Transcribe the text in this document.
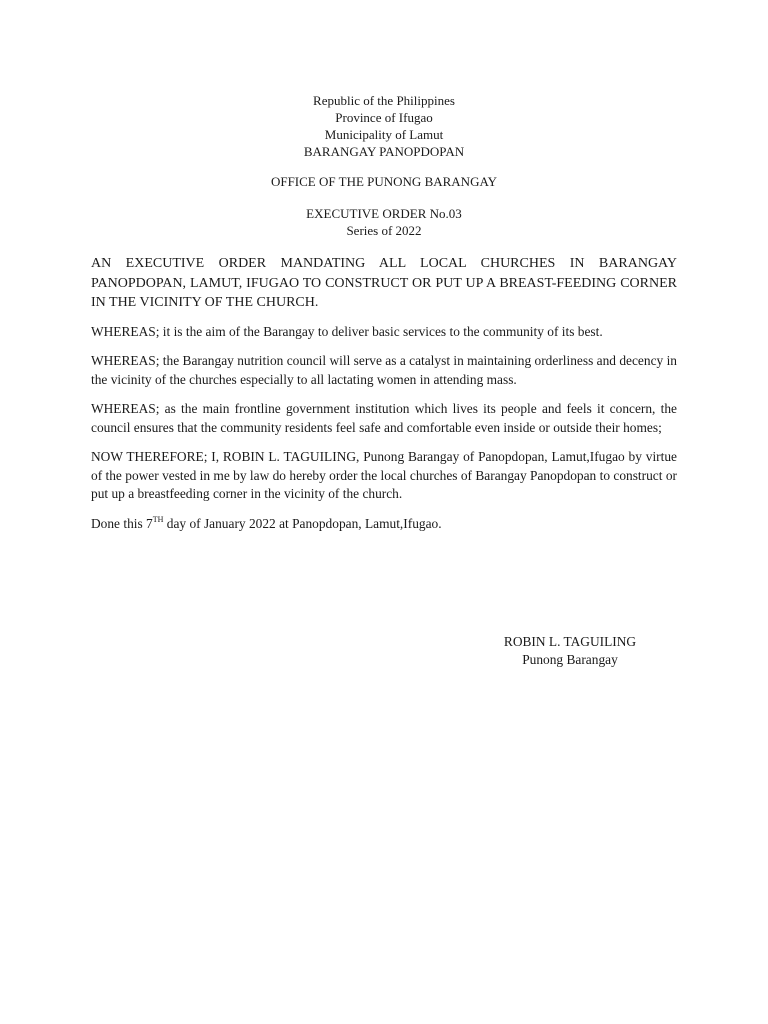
Republic of the Philippines
Province of Ifugao
Municipality of Lamut
BARANGAY PANOPDOPAN
OFFICE OF THE PUNONG BARANGAY
EXECUTIVE ORDER No.03
Series of 2022

AN EXECUTIVE ORDER MANDATING ALL LOCAL CHURCHES IN BARANGAY PANOPDOPAN, LAMUT, IFUGAO TO CONSTRUCT OR PUT UP A BREAST-FEEDING CORNER IN THE VICINITY OF THE CHURCH.

WHEREAS; it is the aim of the Barangay to deliver basic services to the community of its best.

WHEREAS; the Barangay nutrition council will serve as a catalyst in maintaining orderliness and decency in the vicinity of the churches especially to all lactating women in attending mass.

WHEREAS; as the main frontline government institution which lives its people and feels it concern, the council ensures that the community residents feel safe and comfortable even inside or outside their homes;

NOW THEREFORE; I, ROBIN L. TAGUILING, Punong Barangay of Panopdopan, Lamut,Ifugao by virtue of the power vested in me by law do hereby order the local churches of Barangay Panopdopan to construct or put up a breastfeeding corner in the vicinity of the church.

Done this 7TH day of January 2022 at Panopdopan, Lamut,Ifugao.

ROBIN L. TAGUILING
Punong Barangay
